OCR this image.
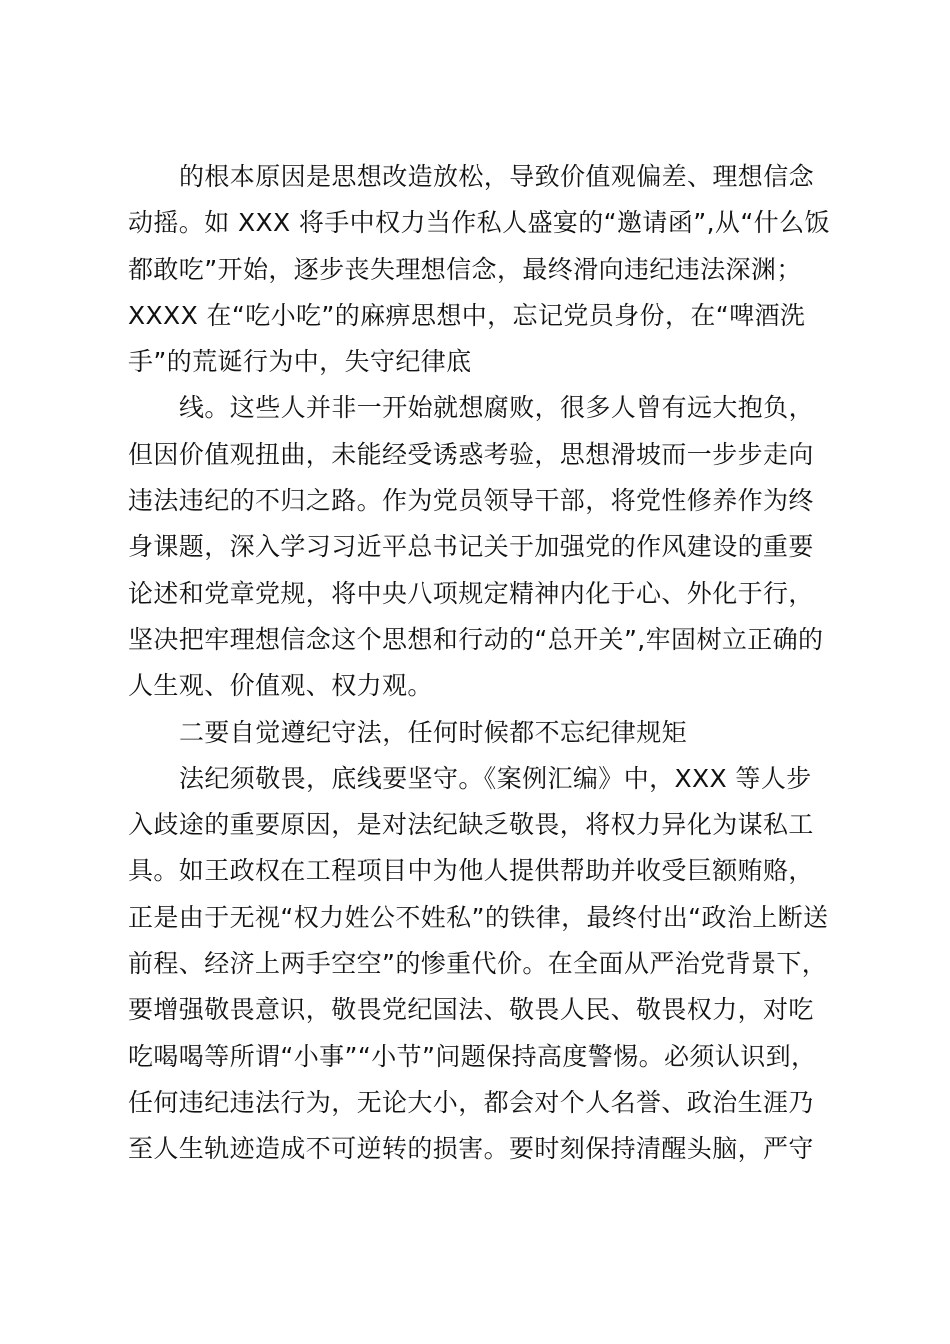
的根本原因是思想改造放松，导致价值观偏差、理想信念
动摇。如 XXX 将手中权力当作私人盛宴的“邀请函”,从“什么饭
都敢吃”开始，逐步丧失理想信念，最终滑向违纪违法深渊；
XXXX 在“吃小吃”的麻痹思想中，忘记党员身份，在“啤酒洗
手”的荒诞行为中，失守纪律底
线。这些人并非一开始就想腐败，很多人曾有远大抱负，
但因价值观扭曲，未能经受诱惑考验，思想滑坡而一步步走向
违法违纪的不归之路。作为党员领导干部，将党性修养作为终
身课题，深入学习习近平总书记关于加强党的作风建设的重要
论述和党章党规，将中央八项规定精神内化于心、外化于行，
坚决把牢理想信念这个思想和行动的“总开关”,牢固树立正确的
人生观、价值观、权力观。
二要自觉遵纪守法，任何时候都不忘纪律规矩
法纪须敬畏，底线要坚守。《案例汇编》中，XXX 等人步
入歧途的重要原因，是对法纪缺乏敬畏，将权力异化为谋私工
具。如王政权在工程项目中为他人提供帮助并收受巨额贿赂，
正是由于无视“权力姓公不姓私”的铁律，最终付出“政治上断送
前程、经济上两手空空”的惨重代价。在全面从严治党背景下，
要增强敬畏意识，敬畏党纪国法、敬畏人民、敬畏权力，对吃
吃喝喝等所谓“小事”“小节”问题保持高度警惕。必须认识到，
任何违纪违法行为，无论大小，都会对个人名誉、政治生涯乃
至人生轨迹造成不可逆转的损害。要时刻保持清醒头脑，严守
